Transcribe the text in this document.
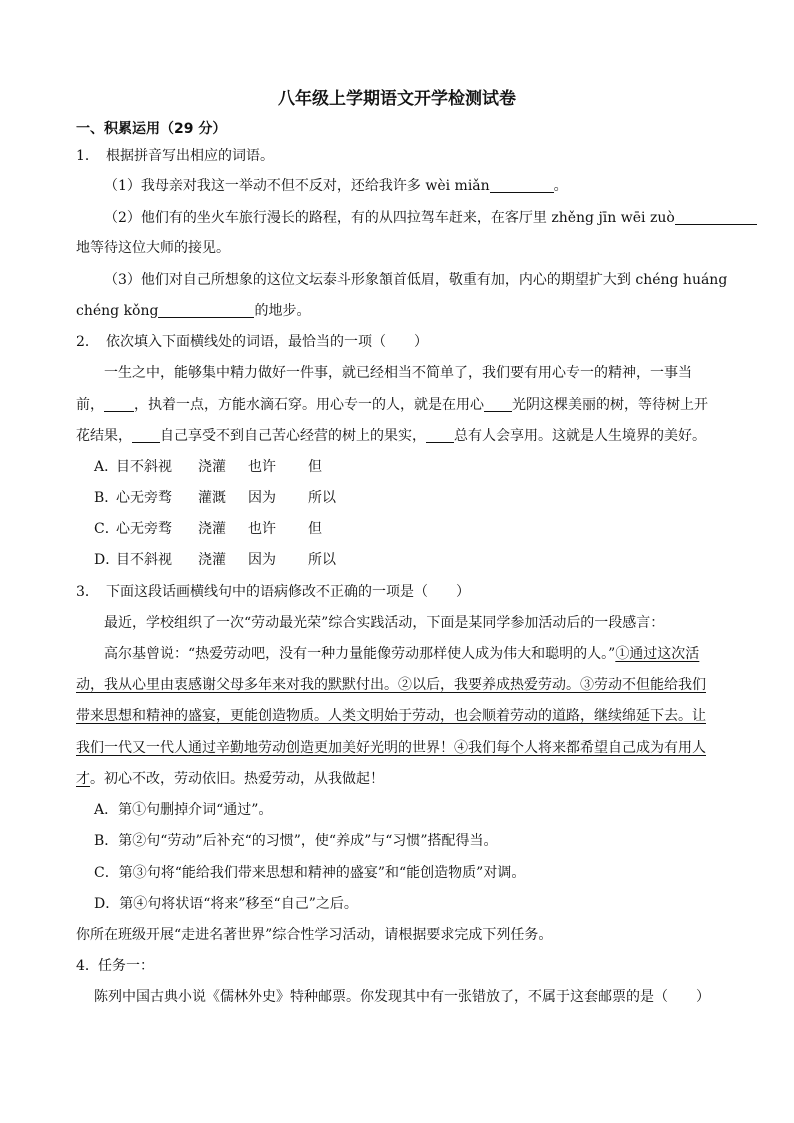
八年级上学期语文开学检测试卷
一、积累运用（29 分）
1． 根据拼音写出相应的词语。
（1）我母亲对我这一举动不但不反对，还给我许多 wèi miǎn	。
（2）他们有的坐火车旅行漫长的路程，有的从四拉驾车赶来，在客厅里 zhěng jīn wēi zuò
地等待这位大师的接见。
（3）他们对自己所想象的这位文坛泰斗形象頷首低眉，敬重有加，内心的期望扩大到 chéng huáng
chéng kǒng	的地步。
2． 依次填入下面横线处的词语，最恰当的一项（　　）
一生之中，能够集中精力做好一件事，就已经相当不简单了，我们要有用心专一的精神，一事当
前， ，执着一点，方能水滴石穿。用心专一的人，就是在用心 光阴这棵美丽的树，等待树上开
花结果， 自己享受不到自己苦心经营的树上的果实， 总有人会享用。这就是人生境界的美好。
A．目不斜视 浇灌 也许 但
B．心无旁骛 灌溉 因为 所以
C．心无旁骛 浇灌 也许 但
D．目不斜视 浇灌 因为 所以
3． 下面这段话画横线句中的语病修改不正确的一项是（　　）
最近，学校组织了一次“劳动最光荣”综合实践活动，下面是某同学参加活动后的一段感言：
高尔基曾说：“热爱劳动吧，没有一种力量能像劳动那样使人成为伟大和聪明的人。”①通过这次活
动，我从心里由衷感谢父母多年来对我的默默付出。②以后，我要养成热爱劳动。③劳动不但能给我们
带来思想和精神的盛宴，更能创造物质。人类文明始于劳动，也会顺着劳动的道路，继续绵延下去。让
我们一代又一代人通过辛勤地劳动创造更加美好光明的世界！④我们每个人将来都希望自己成为有用人
才。初心不改，劳动依旧。热爱劳动，从我做起！
A．第①句删掉介词“通过”。
B．第②句“劳动”后补充“的习惯”，使“养成”与“习惯”搭配得当。
C．第③句将“能给我们带来思想和精神的盛宴”和“能创造物质”对调。
D．第④句将状语“将来”移至“自己”之后。
你所在班级开展“走进名著世界”综合性学习活动，请根据要求完成下列任务。
4．任务一：
陈列中国古典小说《儒林外史》特种邮票。你发现其中有一张错放了，不属于这套邮票的是（　　）
